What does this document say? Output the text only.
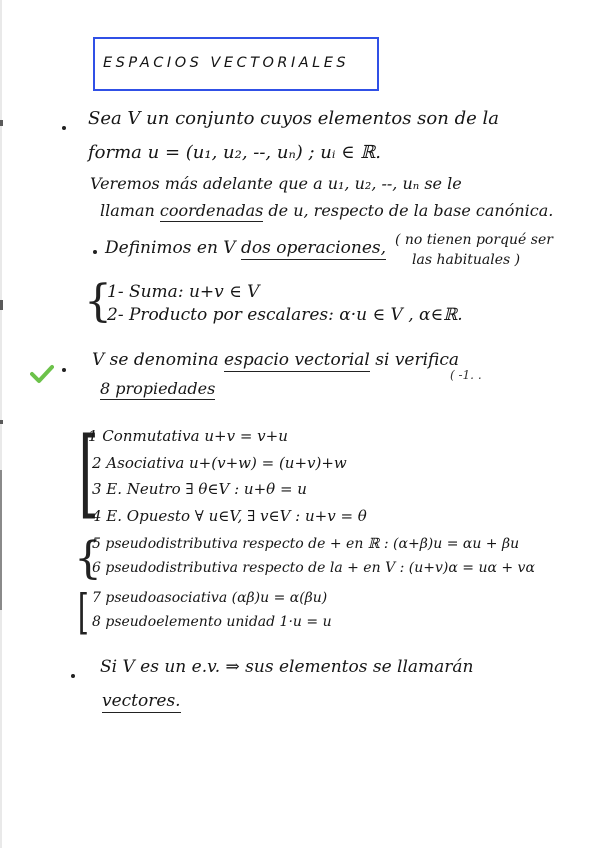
ESPACIOS VECTORIALES
Sea V un conjunto cuyos elementos son de la
forma u = (u₁, u₂, --, uₙ) ; uᵢ ∈ ℝ.
Veremos más adelante que a u₁, u₂, --, uₙ se le
llaman coordenadas de u, respecto de la base canónica.
Definimos en V dos operaciones, ( no tienen porqué ser
las habituales )
{
1- Suma: u+v ∈ V
2- Producto por escalares: α·u ∈ V , α∈ℝ.
V se denomina espacio vectorial si verifica
( -1. .
8 propiedades
[
1 Conmutativa u+v = v+u
2 Asociativa u+(v+w) = (u+v)+w
3 E. Neutro ∃ θ∈V : u+θ = u
4 E. Opuesto ∀ u∈V, ∃ v∈V : u+v = θ
{
5 pseudodistributiva respecto de + en ℝ : (α+β)u = αu + βu
6 pseudodistributiva respecto de la + en V : (u+v)α = uα + vα
[ 7 pseudoasociativa (αβ)u = α(βu)
8 pseudoelemento unidad 1·u = u
Si V es un e.v. ⇒ sus elementos se llamarán
vectores.
